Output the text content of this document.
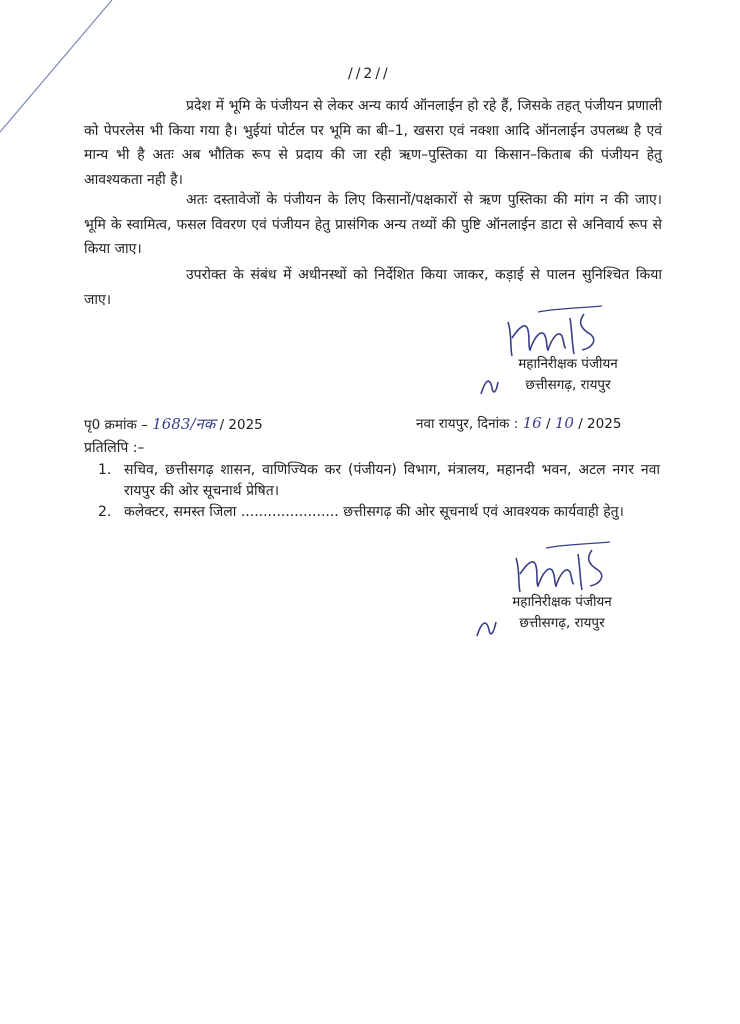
//2//

प्रदेश में भूमि के पंजीयन से लेकर अन्य कार्य ऑनलाईन हो रहे हैं, जिसके तहत् पंजीयन प्रणाली को पेपरलेस भी किया गया है। भुईयां पोर्टल पर भूमि का बी–1, खसरा एवं नक्शा आदि ऑनलाईन उपलब्ध है एवं मान्य भी है अतः अब भौतिक रूप से प्रदाय की जा रही ऋण–पुस्तिका या किसान–किताब की पंजीयन हेतु आवश्यकता नही है।

अतः दस्तावेजों के पंजीयन के लिए किसानों/पक्षकारों से ऋण पुस्तिका की मांग न की जाए। भूमि के स्वामित्व, फसल विवरण एवं पंजीयन हेतु प्रासंगिक अन्य तथ्यों की पुष्टि ऑनलाईन डाटा से अनिवार्य रूप से किया जाए।

उपरोक्त के संबंध में अधीनस्थों को निर्देशित किया जाकर, कड़ाई से पालन सुनिश्चित किया जाए।

महानिरीक्षक पंजीयन
छत्तीसगढ़, रायपुर
पृ0 क्रमांक – 1683/नक / 2025	नवा रायपुर, दिनांक : 16 / 10 / 2025
प्रतिलिपि :–
1. सचिव, छत्तीसगढ़ शासन, वाणिज्यिक कर (पंजीयन) विभाग, मंत्रालय, महानदी भवन, अटल नगर नवा रायपुर की ओर सूचनार्थ प्रेषित।
2. कलेक्टर, समस्त जिला ...................... छत्तीसगढ़ की ओर सूचनार्थ एवं आवश्यक कार्यवाही हेतु।
महानिरीक्षक पंजीयन
छत्तीसगढ़, रायपुर
